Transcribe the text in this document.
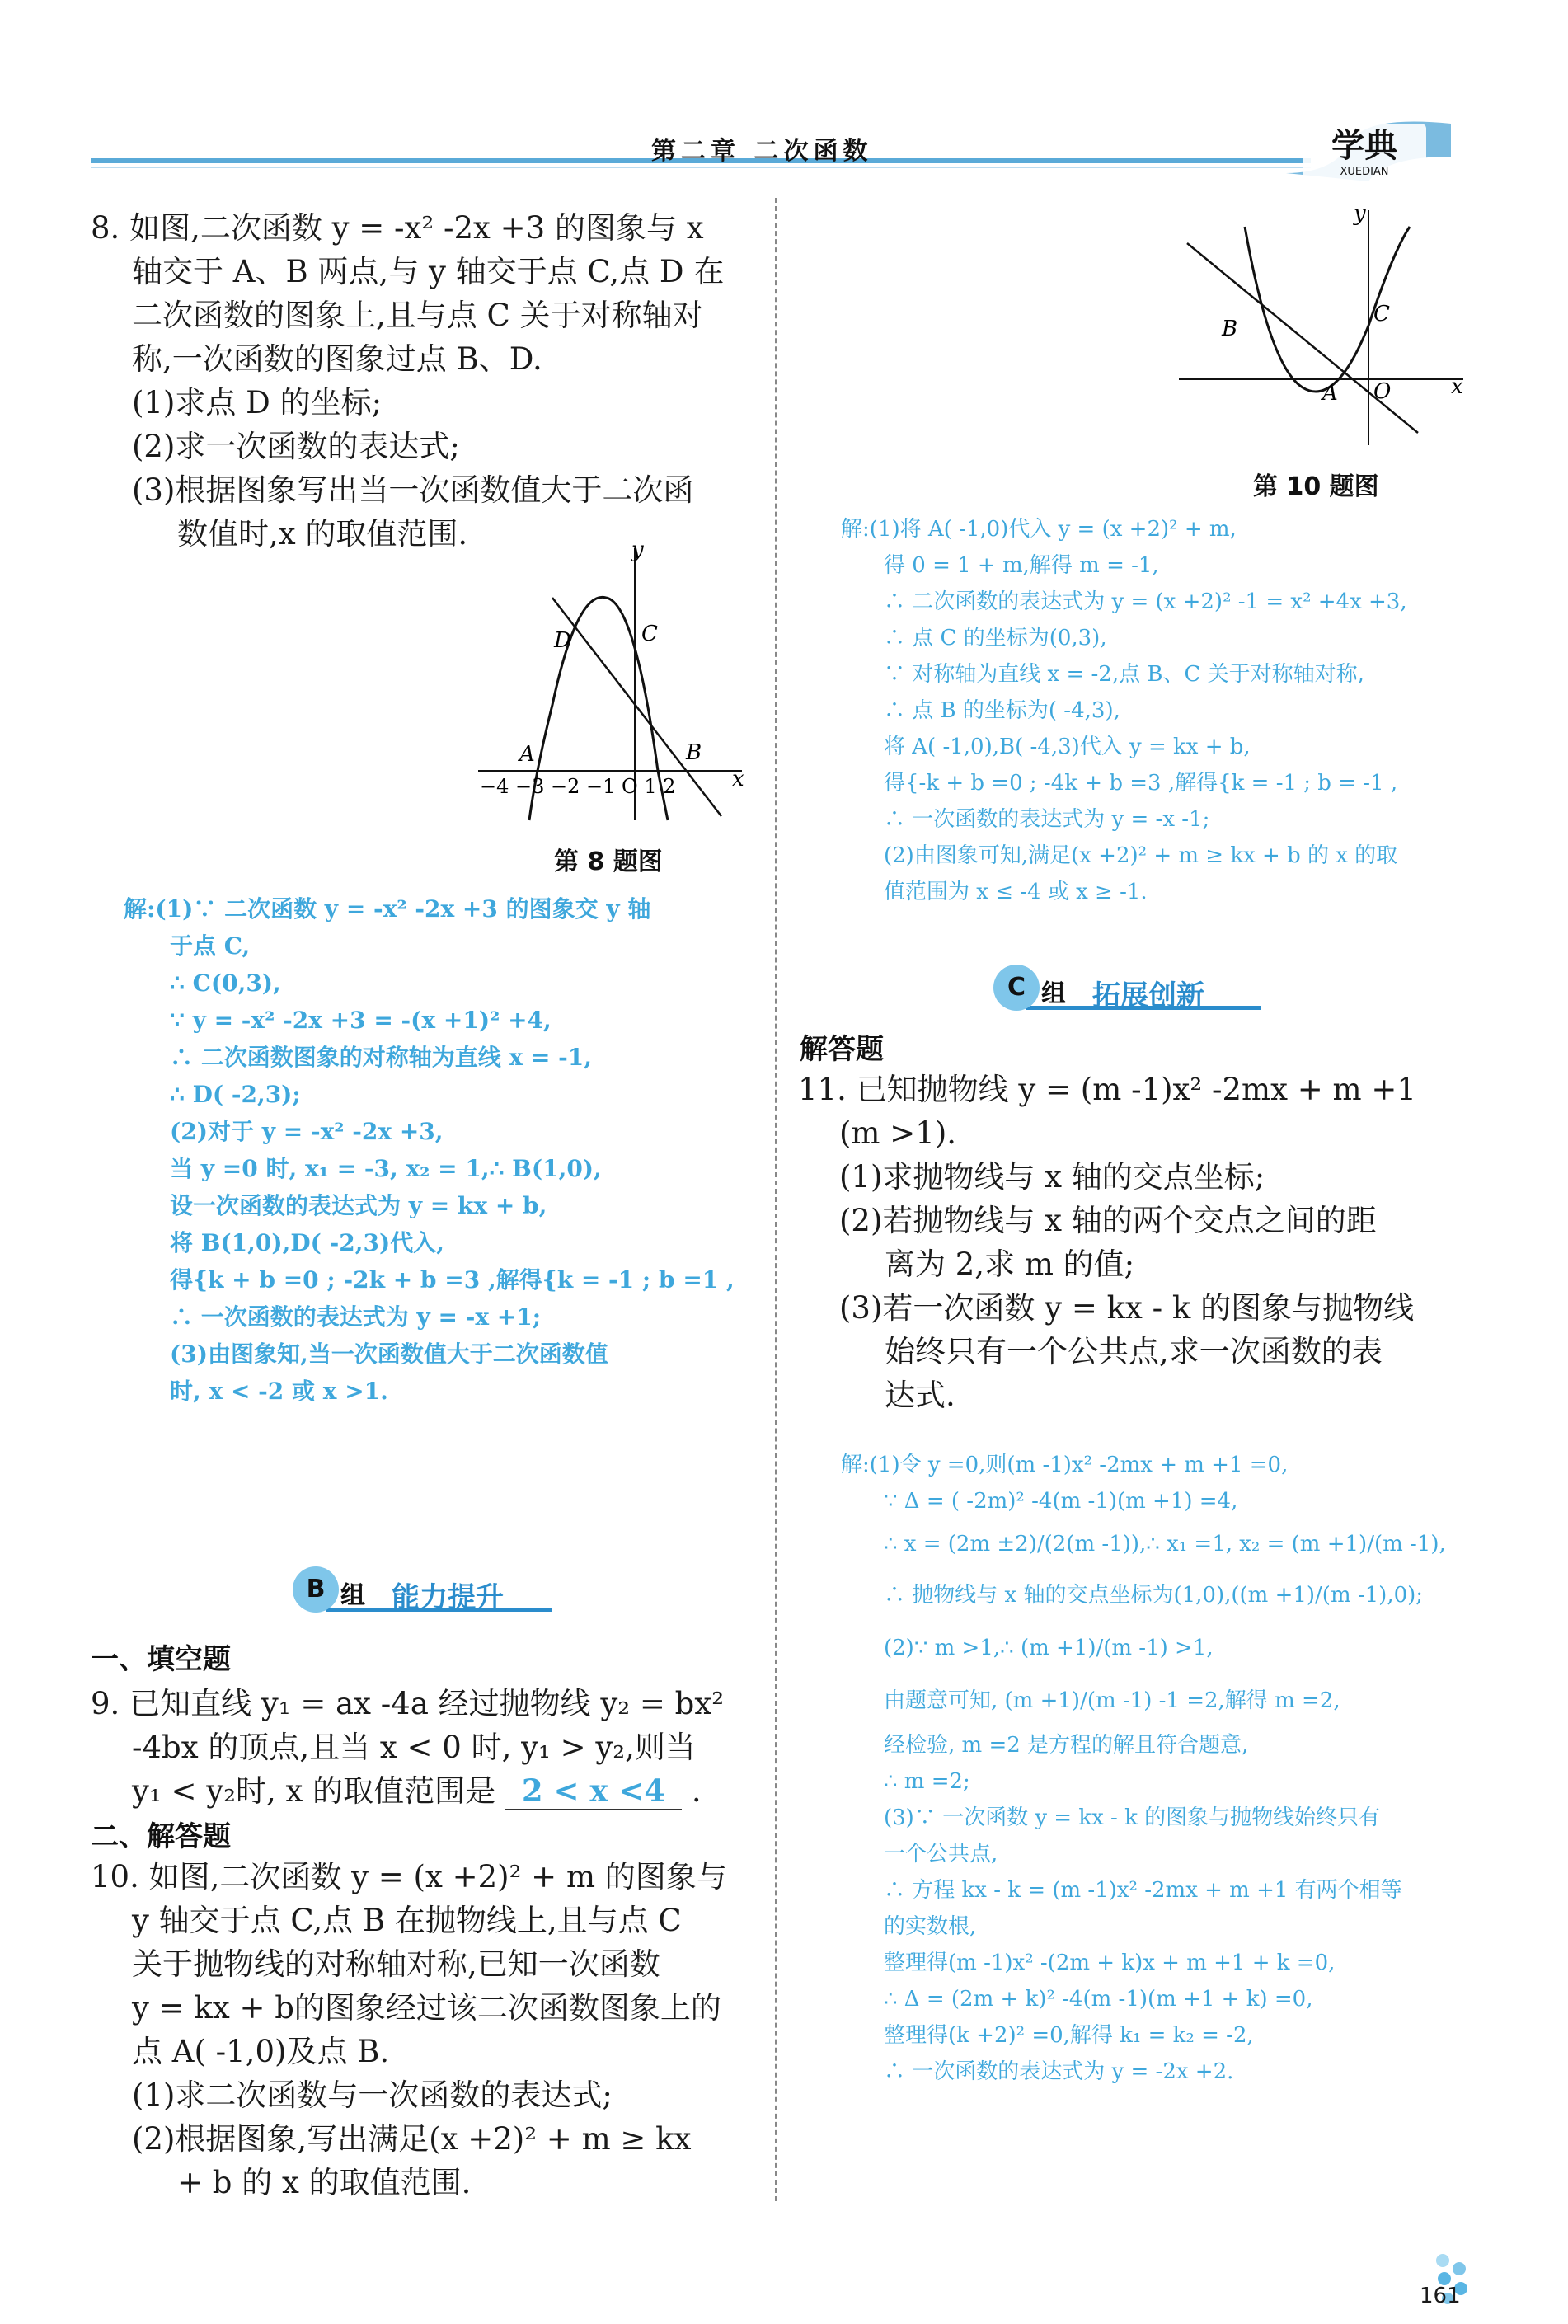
第二章 二次函数	学典
XUEDIAN
8. 如图,二次函数 y = -x² -2x +3 的图象与 x
轴交于 A、B 两点,与 y 轴交于点 C,点 D 在
二次函数的图象上,且与点 C 关于对称轴对
称,一次函数的图象过点 B、D.
(1)求点 D 的坐标;
(2)求一次函数的表达式;
(3)根据图象写出当一次函数值大于二次函
数值时,x 的取值范围.	y
x
D	C
A	B
−4 −3 −2 −1 O 1 2
第 8 题图
解:(1)∵ 二次函数 y = -x² -2x +3 的图象交 y 轴
于点 C,
∴ C(0,3),
∵ y = -x² -2x +3 = -(x +1)² +4,
∴ 二次函数图象的对称轴为直线 x = -1,
∴ D( -2,3);
(2)对于 y = -x² -2x +3,
当 y =0 时, x₁ = -3, x₂ = 1,∴ B(1,0),
设一次函数的表达式为 y = kx + b,
将 B(1,0),D( -2,3)代入,
得{k + b =0 ; -2k + b =3 ,解得{k = -1 ; b =1 ,
∴ 一次函数的表达式为 y = -x +1;
(3)由图象知,当一次函数值大于二次函数值
时, x < -2 或 x >1.
B 组 能力提升
一、填空题
9. 已知直线 y₁ = ax -4a 经过抛物线 y₂ = bx²
-4bx 的顶点,且当 x < 0 时, y₁ > y₂,则当
y₁ < y₂时, x 的取值范围是 2 < x <4 .
二、解答题
10. 如图,二次函数 y = (x +2)² + m 的图象与
y 轴交于点 C,点 B 在抛物线上,且与点 C
关于抛物线的对称轴对称,已知一次函数
y = kx + b的图象经过该二次函数图象上的
点 A( -1,0)及点 B.
(1)求二次函数与一次函数的表达式;
(2)根据图象,写出满足(x +2)² + m ≥ kx
+ b 的 x 的取值范围.
y
x
B
C
A O
第 10 题图
解:(1)将 A( -1,0)代入 y = (x +2)² + m,
得 0 = 1 + m,解得 m = -1,
∴ 二次函数的表达式为 y = (x +2)² -1 = x² +4x +3,
∴ 点 C 的坐标为(0,3),
∵ 对称轴为直线 x = -2,点 B、C 关于对称轴对称,
∴ 点 B 的坐标为( -4,3),
将 A( -1,0),B( -4,3)代入 y = kx + b,
得{-k + b =0 ; -4k + b =3 ,解得{k = -1 ; b = -1 ,
∴ 一次函数的表达式为 y = -x -1;
(2)由图象可知,满足(x +2)² + m ≥ kx + b 的 x 的取
值范围为 x ≤ -4 或 x ≥ -1.
C 组 拓展创新
解答题
11. 已知抛物线 y = (m -1)x² -2mx + m +1
(m >1).
(1)求抛物线与 x 轴的交点坐标;
(2)若抛物线与 x 轴的两个交点之间的距
离为 2,求 m 的值;
(3)若一次函数 y = kx - k 的图象与抛物线
始终只有一个公共点,求一次函数的表
达式.
解:(1)令 y =0,则(m -1)x² -2mx + m +1 =0,
∵ Δ = ( -2m)² -4(m -1)(m +1) =4,
∴ x = (2m ±2)/(2(m -1)),∴ x₁ =1, x₂ = (m +1)/(m -1),
∴ 抛物线与 x 轴的交点坐标为(1,0),((m +1)/(m -1),0);
(2)∵ m >1,∴ (m +1)/(m -1) >1,
由题意可知, (m +1)/(m -1) -1 =2,解得 m =2,
经检验, m =2 是方程的解且符合题意,
∴ m =2;
(3)∵ 一次函数 y = kx - k 的图象与抛物线始终只有
一个公共点,
∴ 方程 kx - k = (m -1)x² -2mx + m +1 有两个相等
的实数根,
整理得(m -1)x² -(2m + k)x + m +1 + k =0,
∴ Δ = (2m + k)² -4(m -1)(m +1 + k) =0,
整理得(k +2)² =0,解得 k₁ = k₂ = -2,
∴ 一次函数的表达式为 y = -2x +2.
161
